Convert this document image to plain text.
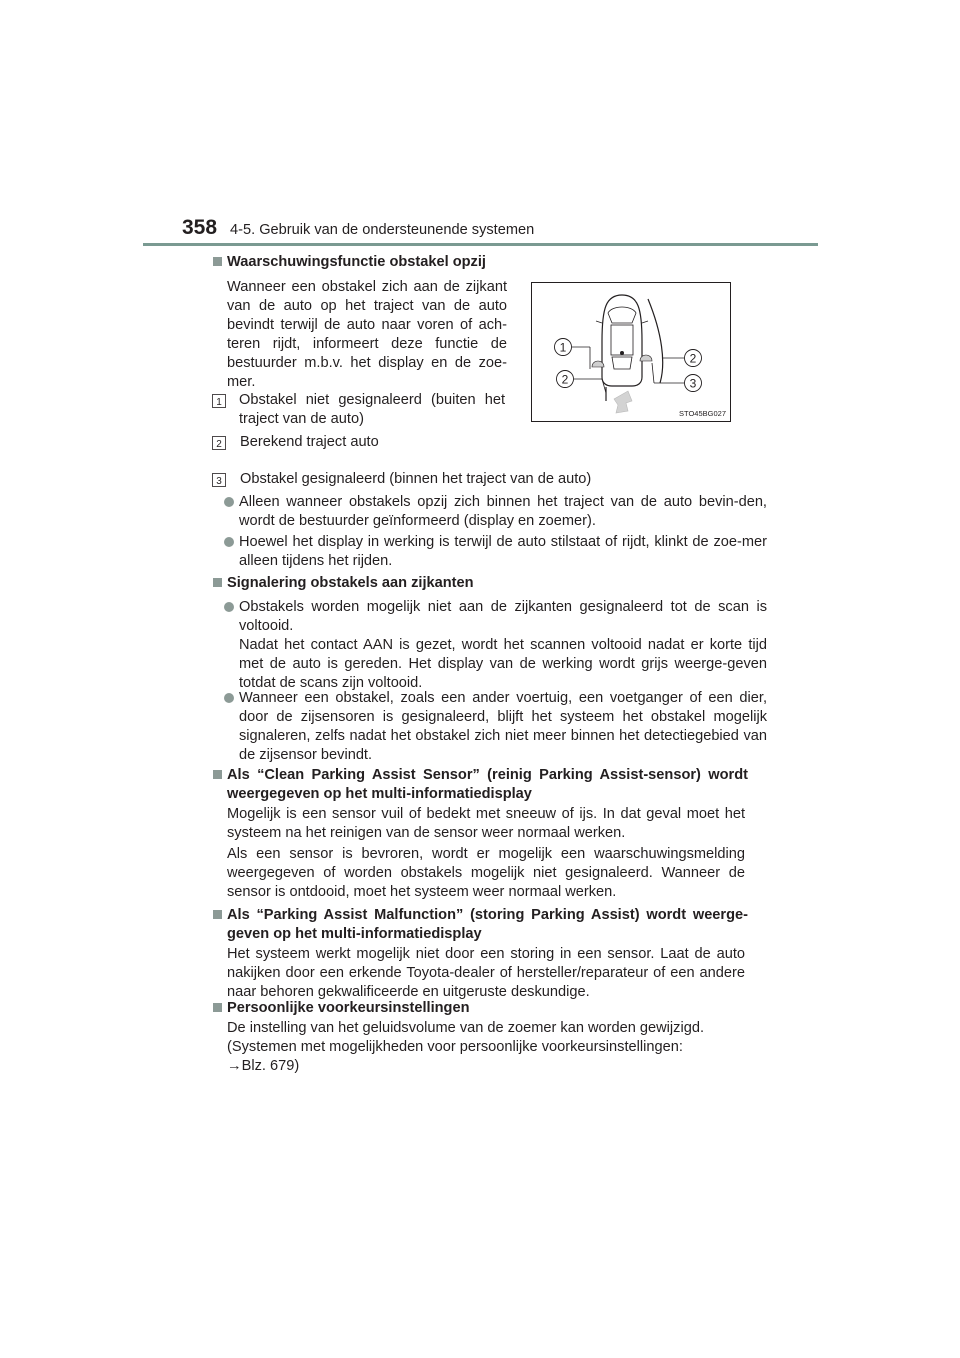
358 4-5. Gebruik van de ondersteunende systemen
Waarschuwingsfunctie obstakel opzij
Wanneer een obstakel zich aan de zijkant
van de auto op het traject van de auto
bevindt terwijl de auto naar voren of ach-
teren rijdt, informeert deze functie de
bestuurder m.b.v. het display en de zoe-
mer.
1 Obstakel niet gesignaleerd (buiten het
traject van de auto)
2 Berekend traject auto
3 Obstakel gesignaleerd (binnen het traject van de auto)
Alleen wanneer obstakels opzij zich binnen het traject van de auto bevin-den, wordt de bestuurder geïnformeerd (display en zoemer).
Hoewel het display in werking is terwijl de auto stilstaat of rijdt, klinkt de zoe-mer alleen tijdens het rijden.
Signalering obstakels aan zijkanten
Obstakels worden mogelijk niet aan de zijkanten gesignaleerd tot de scan is
voltooid.
Nadat het contact AAN is gezet, wordt het scannen voltooid nadat er korte tijd met de auto is gereden. Het display van de werking wordt grijs weerge-geven totdat de scans zijn voltooid.
Wanneer een obstakel, zoals een ander voertuig, een voetganger of een dier, door de zijsensoren is gesignaleerd, blijft het systeem het obstakel mogelijk signaleren, zelfs nadat het obstakel zich niet meer binnen het detectiegebied van de zijsensor bevindt.
Als “Clean Parking Assist Sensor” (reinig Parking Assist-sensor) wordt
weergegeven op het multi-informatiedisplay
Mogelijk is een sensor vuil of bedekt met sneeuw of ijs. In dat geval moet het systeem na het reinigen van de sensor weer normaal werken.
Als een sensor is bevroren, wordt er mogelijk een waarschuwingsmelding weergegeven of worden obstakels mogelijk niet gesignaleerd. Wanneer de sensor is ontdooid, moet het systeem weer normaal werken.
Als “Parking Assist Malfunction” (storing Parking Assist) wordt weerge-
geven op het multi-informatiedisplay
Het systeem werkt mogelijk niet door een storing in een sensor. Laat de auto nakijken door een erkende Toyota-dealer of hersteller/reparateur of een andere naar behoren gekwalificeerde en uitgeruste deskundige.
Persoonlijke voorkeursinstellingen
De instelling van het geluidsvolume van de zoemer kan worden gewijzigd.
(Systemen met mogelijkheden voor persoonlijke voorkeursinstellingen:
→Blz. 679)
1
2
2
3
STO45BG027
